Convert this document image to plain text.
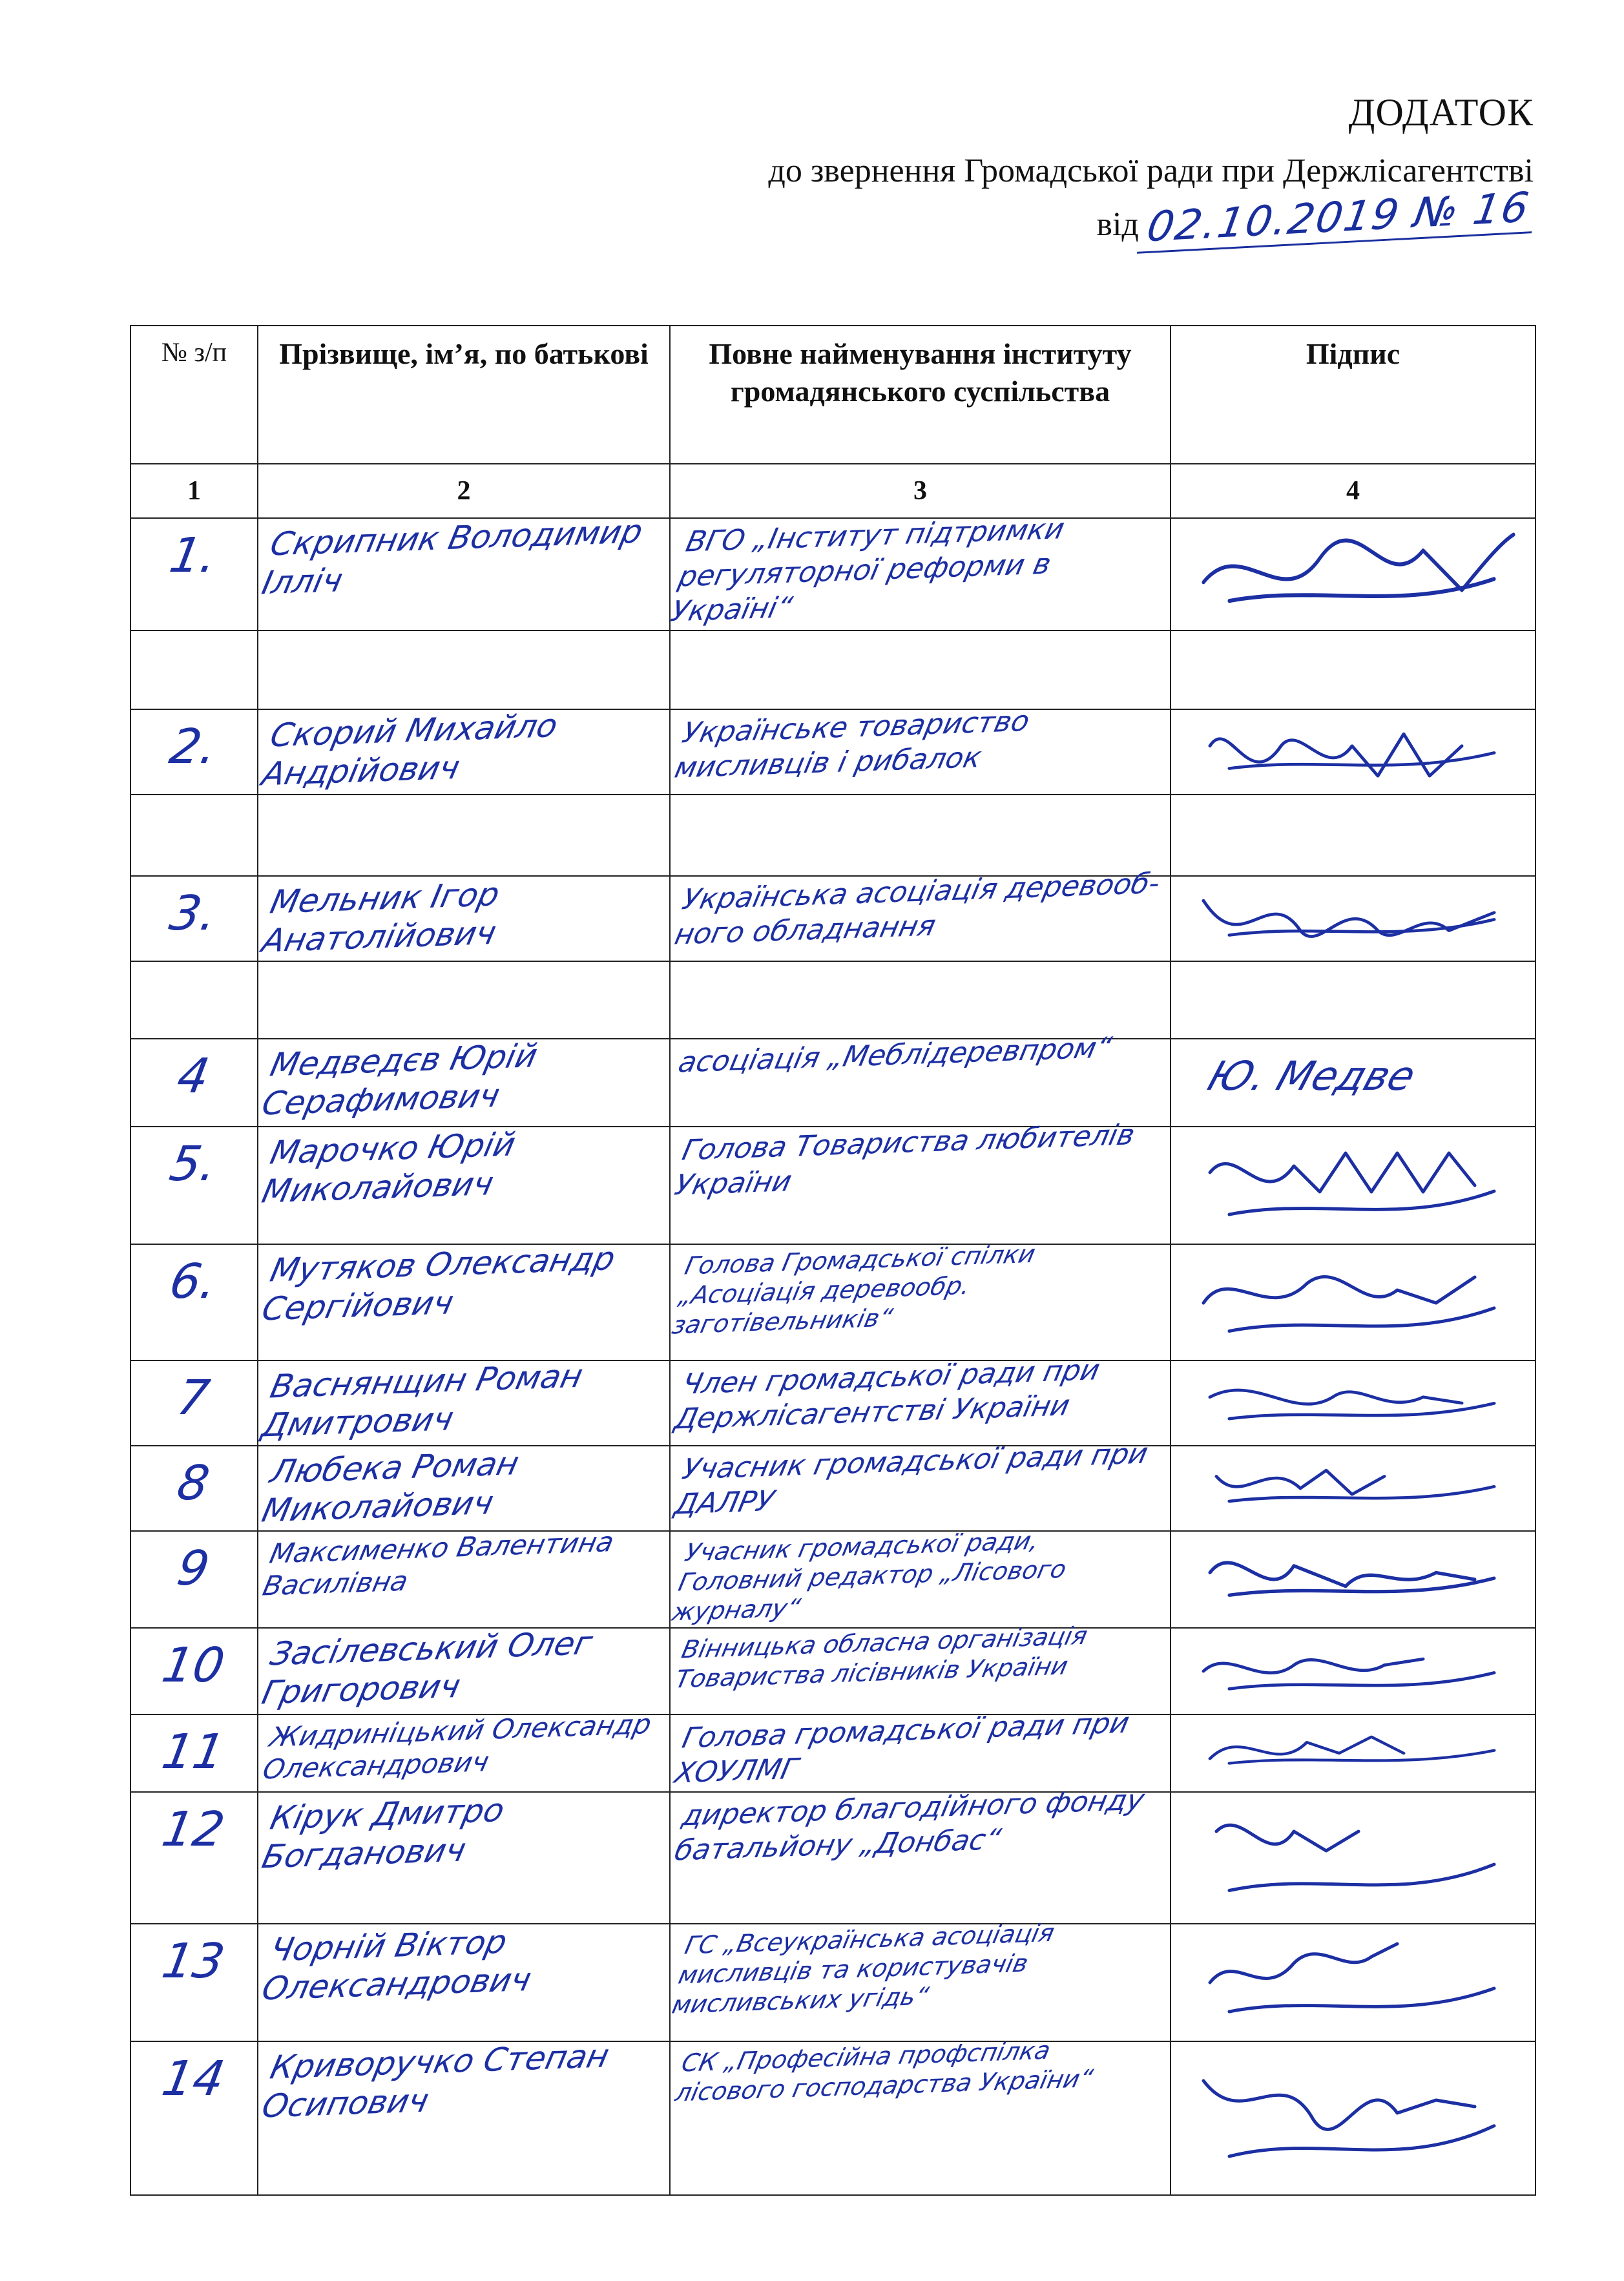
ДОДАТОК
до звернення Громадської ради при Держлісагентстві
від 02.10.2019 № 16
№ з/п	Прізвище, ім’я, по батькові	Повне найменування інституту громадянського суспільства	Підпис
1	2	3	4

1.	Скрипник Володимир Ілліч	ВГО „Інститут підтримки регуляторної реформи в Україні“

2.	Скорий Михайло Андрійович	Українське товариство мисливців і рибалок

3.	Мельник Ігор Анатолійович	Українська асоціація деревооб-ного обладнання

4	Медведєв Юрій Серафимович	асоціація „Меблідеревпром“	Ю. Медве

5.	Марочко Юрій Миколайович	Голова Товариства любителів України

6.	Мутяков Олександр Сергійович	Голова Громадської спілки „Асоціація деревообр. заготівельників“

7	Васнянщин Роман Дмитрович	Член громадської ради при Держлісагентстві України

8	Любека Роман Миколайович	Учасник громадської ради при ДАЛРУ

9	Максименко Валентина Василівна	Учасник громадської ради, Головний редактор „Лісового журналу“

10	Засілевський Олег Григорович	Вінницька обласна організація Товариства лісівників України

11	Жидриніцький Олександр Олександрович	Голова громадської ради при ХОУЛМГ

12	Кірук Дмитро Богданович	директор благодійного фонду батальйону „Донбас“

13	Чорній Віктор Олександрович	ГС „Всеукраїнська асоціація мисливців та користувачів мисливських угідь“

14	Криворучко Степан Осипович	СК „Професійна профспілка лісового господарства України“
